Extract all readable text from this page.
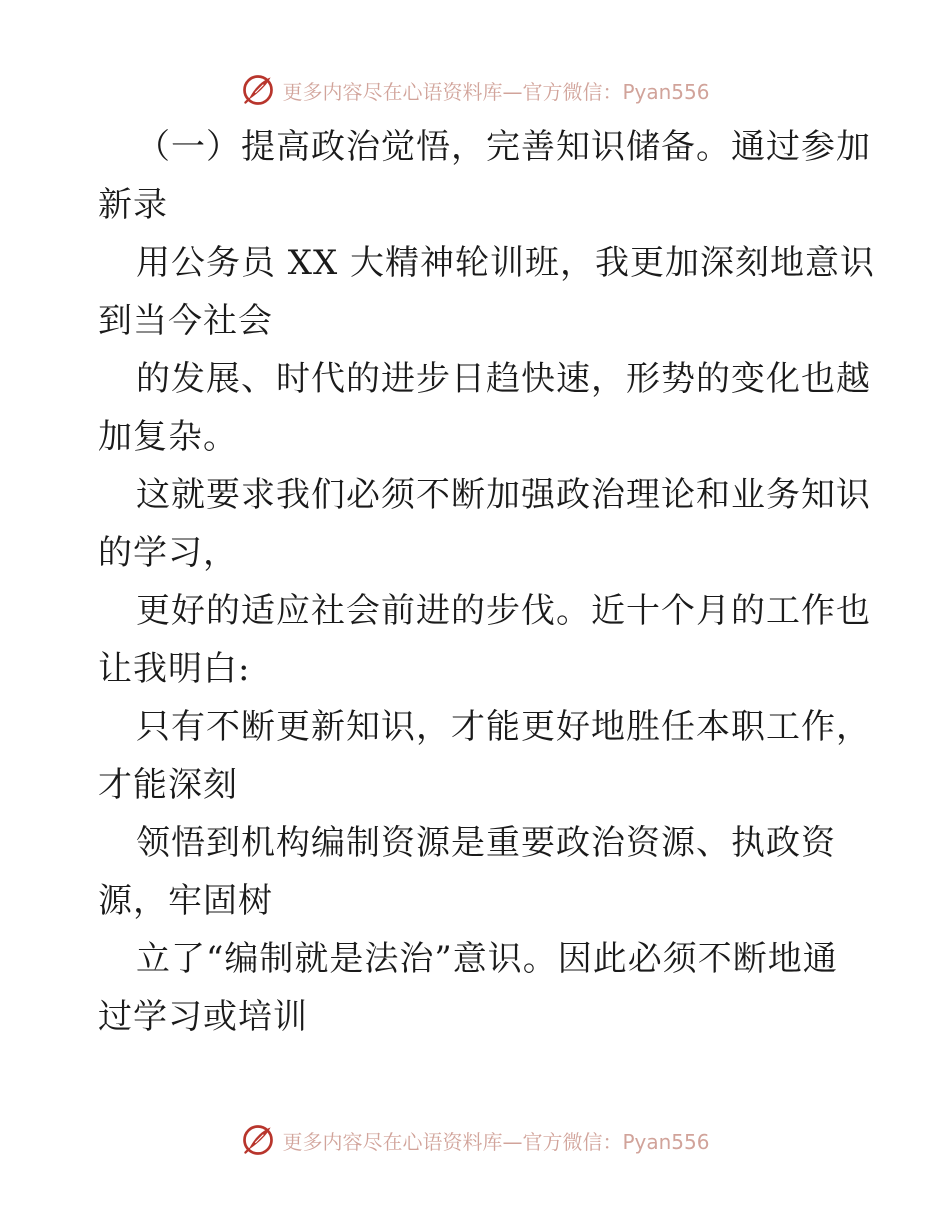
更多内容尽在心语资料库—官方微信：Pyan556
（一）提高政治觉悟，完善知识储备。通过参加
新录
用公务员 XX 大精神轮训班，我更加深刻地意识
到当今社会
的发展、时代的进步日趋快速，形势的变化也越
加复杂。
这就要求我们必须不断加强政治理论和业务知识
的学习，
更好的适应社会前进的步伐。近十个月的工作也
让我明白:
只有不断更新知识，才能更好地胜任本职工作，
才能深刻
领悟到机构编制资源是重要政治资源、执政资
源，牢固树
立了“编制就是法治”意识。因此必须不断地通
过学习或培训
更多内容尽在心语资料库—官方微信：Pyan556
